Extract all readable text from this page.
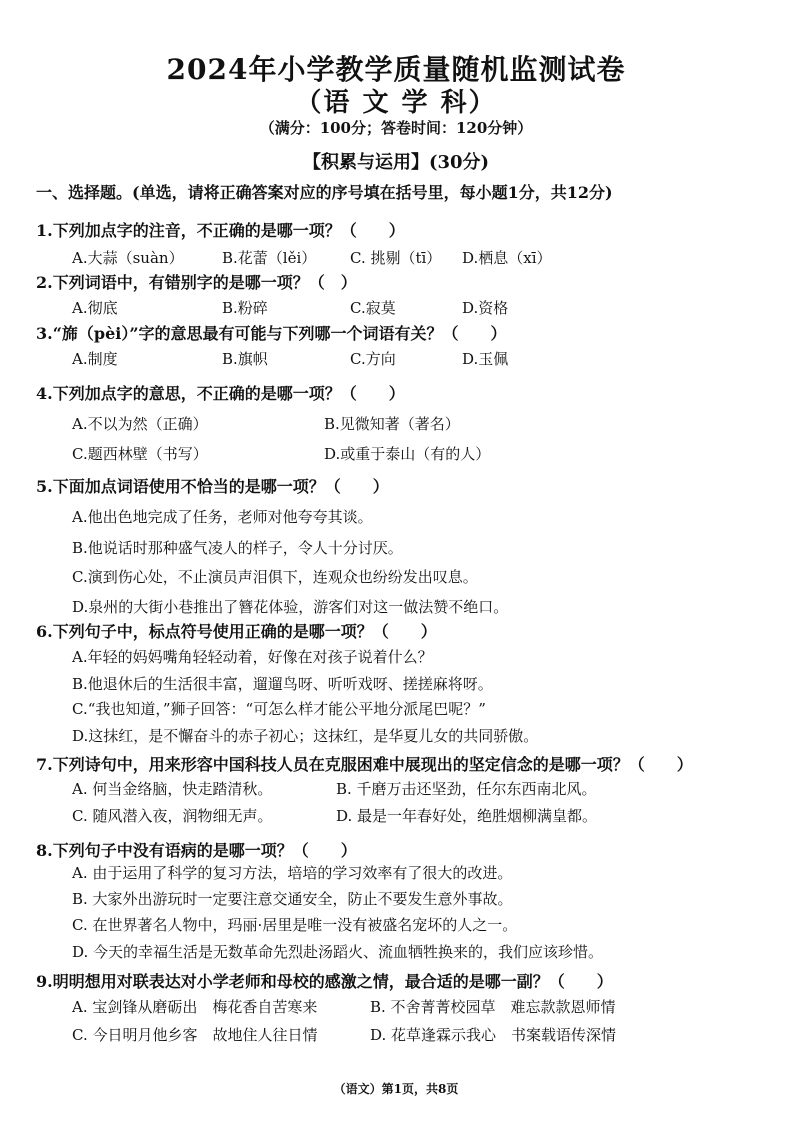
2024年小学教学质量随机监测试卷
（语 文 学 科）
（满分：100分；答卷时间：120分钟）
【积累与运用】(30分)
一、选择题。(单选，请将正确答案对应的序号填在括号里，每小题1分，共12分)
1.下列加点字的注音，不正确的是哪一项？（　　）
A.大蒜（suàn）	B.花蕾（lěi） C. 挑剔（tī） D.栖息（xī）
2.下列词语中，有错别字的是哪一项？（　）
A.彻底	B.粉碎	C.寂莫	D.资格
3.“旆（pèi）”字的意思最有可能与下列哪一个词语有关？（　　）
A.制度	B.旗帜	C.方向	D.玉佩
4.下列加点字的意思，不正确的是哪一项？（　　）
A.不以为然（正确）	B.见微知著（著名）
C.题西林壁（书写）	D.或重于泰山（有的人）
5.下面加点词语使用不恰当的是哪一项？（　　）
A.他出色地完成了任务，老师对他夸夸其谈。
B.他说话时那种盛气凌人的样子，令人十分讨厌。
C.演到伤心处，不止演员声泪俱下，连观众也纷纷发出叹息。
D.泉州的大街小巷推出了簪花体验，游客们对这一做法赞不绝口。
6.下列句子中，标点符号使用正确的是哪一项？（　　）
A.年轻的妈妈嘴角轻轻动着，好像在对孩子说着什么？
B.他退休后的生活很丰富，遛遛鸟呀、听听戏呀、搓搓麻将呀。
C.“我也知道，”狮子回答：“可怎么样才能公平地分派尾巴呢？”
D.这抹红，是不懈奋斗的赤子初心；这抹红，是华夏儿女的共同骄傲。
7.下列诗句中，用来形容中国科技人员在克服困难中展现出的坚定信念的是哪一项？（　　）
A. 何当金络脑，快走踏清秋。	B. 千磨万击还坚劲，任尔东西南北风。
C. 随风潜入夜，润物细无声。	D. 最是一年春好处，绝胜烟柳满皇都。
8.下列句子中没有语病的是哪一项？（　　）
A. 由于运用了科学的复习方法，培培的学习效率有了很大的改进。
B. 大家外出游玩时一定要注意交通安全，防止不要发生意外事故。
C. 在世界著名人物中，玛丽·居里是唯一没有被盛名宠坏的人之一。
D. 今天的幸福生活是无数革命先烈赴汤蹈火、流血牺牲换来的，我们应该珍惜。
9.明明想用对联表达对小学老师和母校的感激之情，最合适的是哪一副？（　　）
A. 宝剑锋从磨砺出　梅花香自苦寒来	B. 不舍菁菁校园草　难忘款款恩师情
C. 今日明月他乡客　故地住人往日情	D. 花草逢霖示我心　书案载语传深情
（语文）第1页，共8页
